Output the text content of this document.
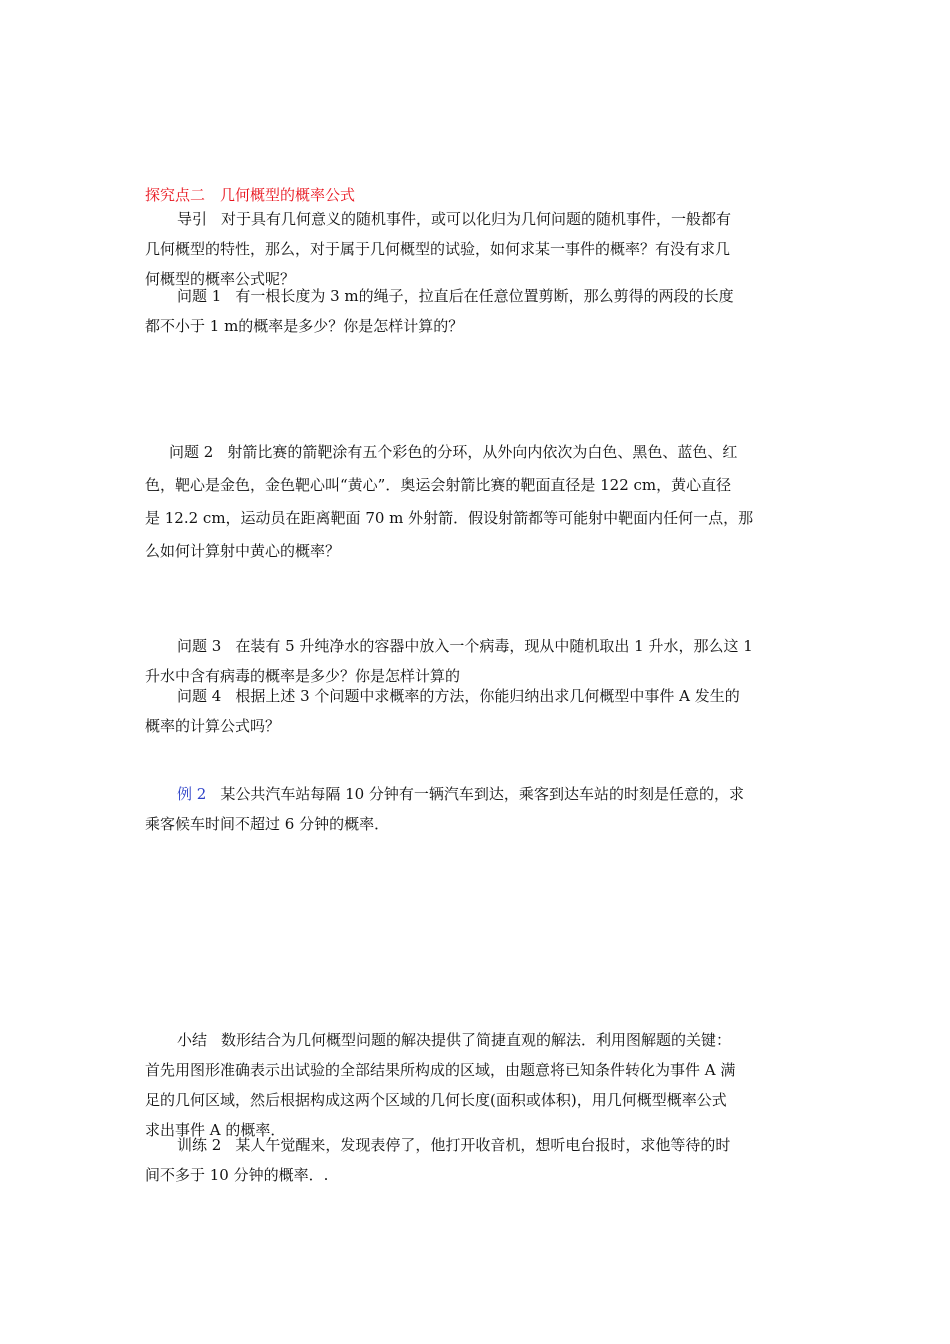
探究点二　几何概型的概率公式
导引 对于具有几何意义的随机事件，或可以化归为几何问题的随机事件，一般都有
几何概型的特性，那么，对于属于几何概型的试验，如何求某一事件的概率？有没有求几
何概型的概率公式呢？
问题 1 有一根长度为 3 m的绳子，拉直后在任意位置剪断，那么剪得的两段的长度
都不小于 1 m的概率是多少？你是怎样计算的？
问题 2 射箭比赛的箭靶涂有五个彩色的分环，从外向内依次为白色、黑色、蓝色、红
色，靶心是金色，金色靶心叫“黄心”．奥运会射箭比赛的靶面直径是 122 cm，黄心直径
是 12.2 cm，运动员在距离靶面 70 m 外射箭．假设射箭都等可能射中靶面内任何一点，那
么如何计算射中黄心的概率？
问题 3 在装有 5 升纯净水的容器中放入一个病毒，现从中随机取出 1 升水，那么这 1
升水中含有病毒的概率是多少？你是怎样计算的
问题 4 根据上述 3 个问题中求概率的方法，你能归纳出求几何概型中事件 A 发生的
概率的计算公式吗？
例 2 某公共汽车站每隔 10 分钟有一辆汽车到达，乘客到达车站的时刻是任意的，求
乘客候车时间不超过 6 分钟的概率．
小结 数形结合为几何概型问题的解决提供了简捷直观的解法．利用图解题的关键：
首先用图形准确表示出试验的全部结果所构成的区域，由题意将已知条件转化为事件 A 满
足的几何区域，然后根据构成这两个区域的几何长度(面积或体积)，用几何概型概率公式
求出事件 A 的概率．
训练 2 某人午觉醒来，发现表停了，他打开收音机，想听电台报时，求他等待的时
间不多于 10 分钟的概率．.
